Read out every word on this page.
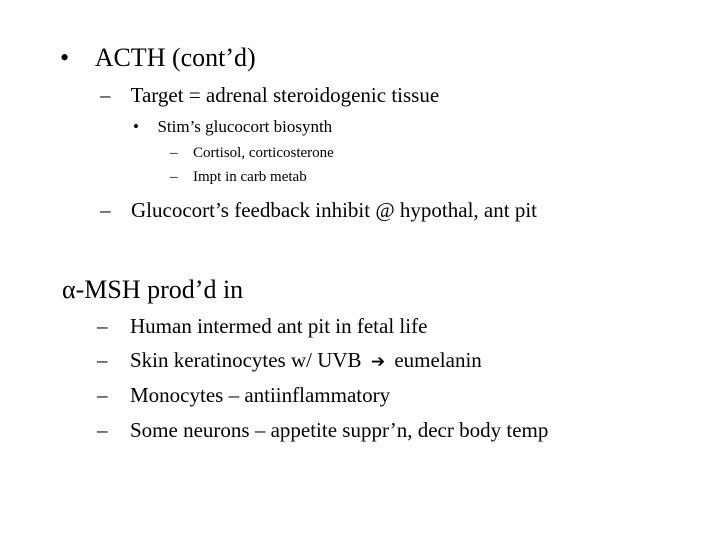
• ACTH (cont’d)
– Target = adrenal steroidogenic tissue
• Stim’s glucocort biosynth
– Cortisol, corticosterone
– Impt in carb metab
– Glucocort’s feedback inhibit @ hypothal, ant pit
α-MSH prod’d in
– Human intermed ant pit in fetal life
– Skin keratinocytes w/ UVB ➔ eumelanin
– Monocytes – antiinflammatory
– Some neurons – appetite suppr’n, decr body temp
